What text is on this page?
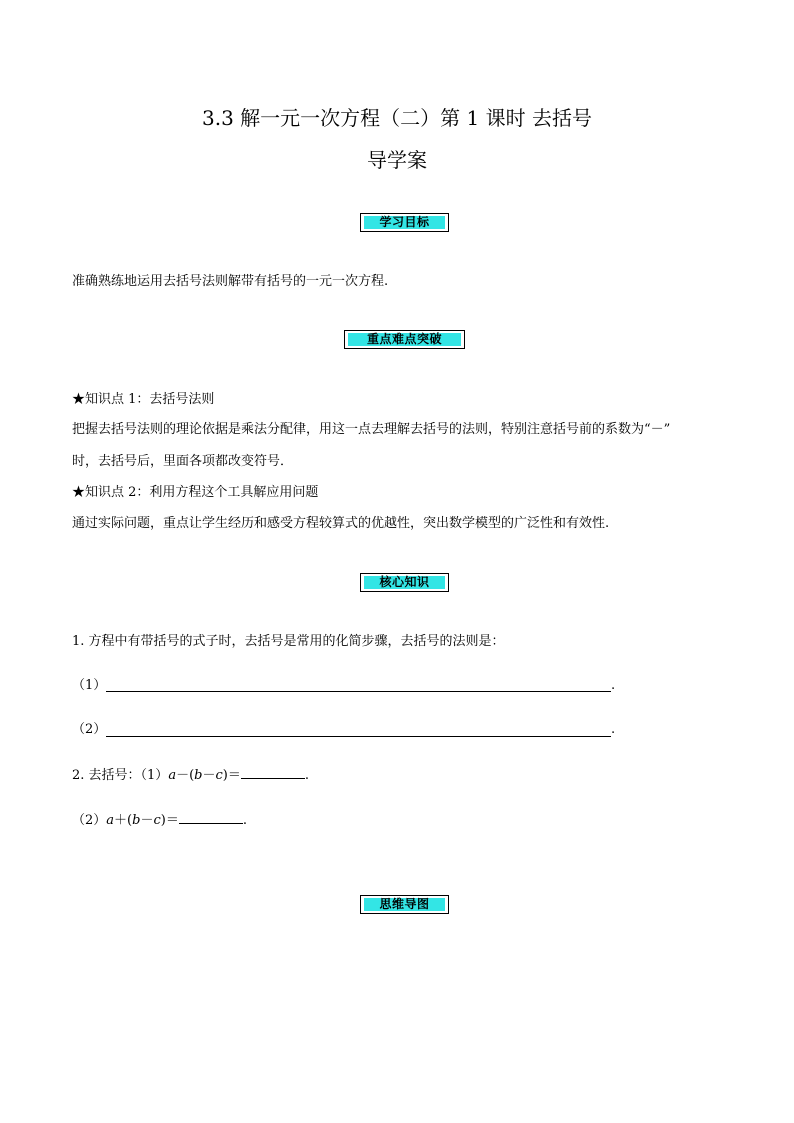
3.3 解一元一次方程（二）第 1 课时 去括号
导学案
学习目标
准确熟练地运用去括号法则解带有括号的一元一次方程.
重点难点突破
★知识点 1：去括号法则
把握去括号法则的理论依据是乘法分配律，用这一点去理解去括号的法则，特别注意括号前的系数为“－”
时，去括号后，里面各项都改变符号．
★知识点 2：利用方程这个工具解应用问题
通过实际问题，重点让学生经历和感受方程较算式的优越性，突出数学模型的广泛性和有效性.
核心知识
1. 方程中有带括号的式子时，去括号是常用的化简步骤，去括号的法则是：
（1）	.
（2）	.
2. 去括号：（1）a－(b－c)＝	.
（2）a＋(b－c)＝	.
思维导图
